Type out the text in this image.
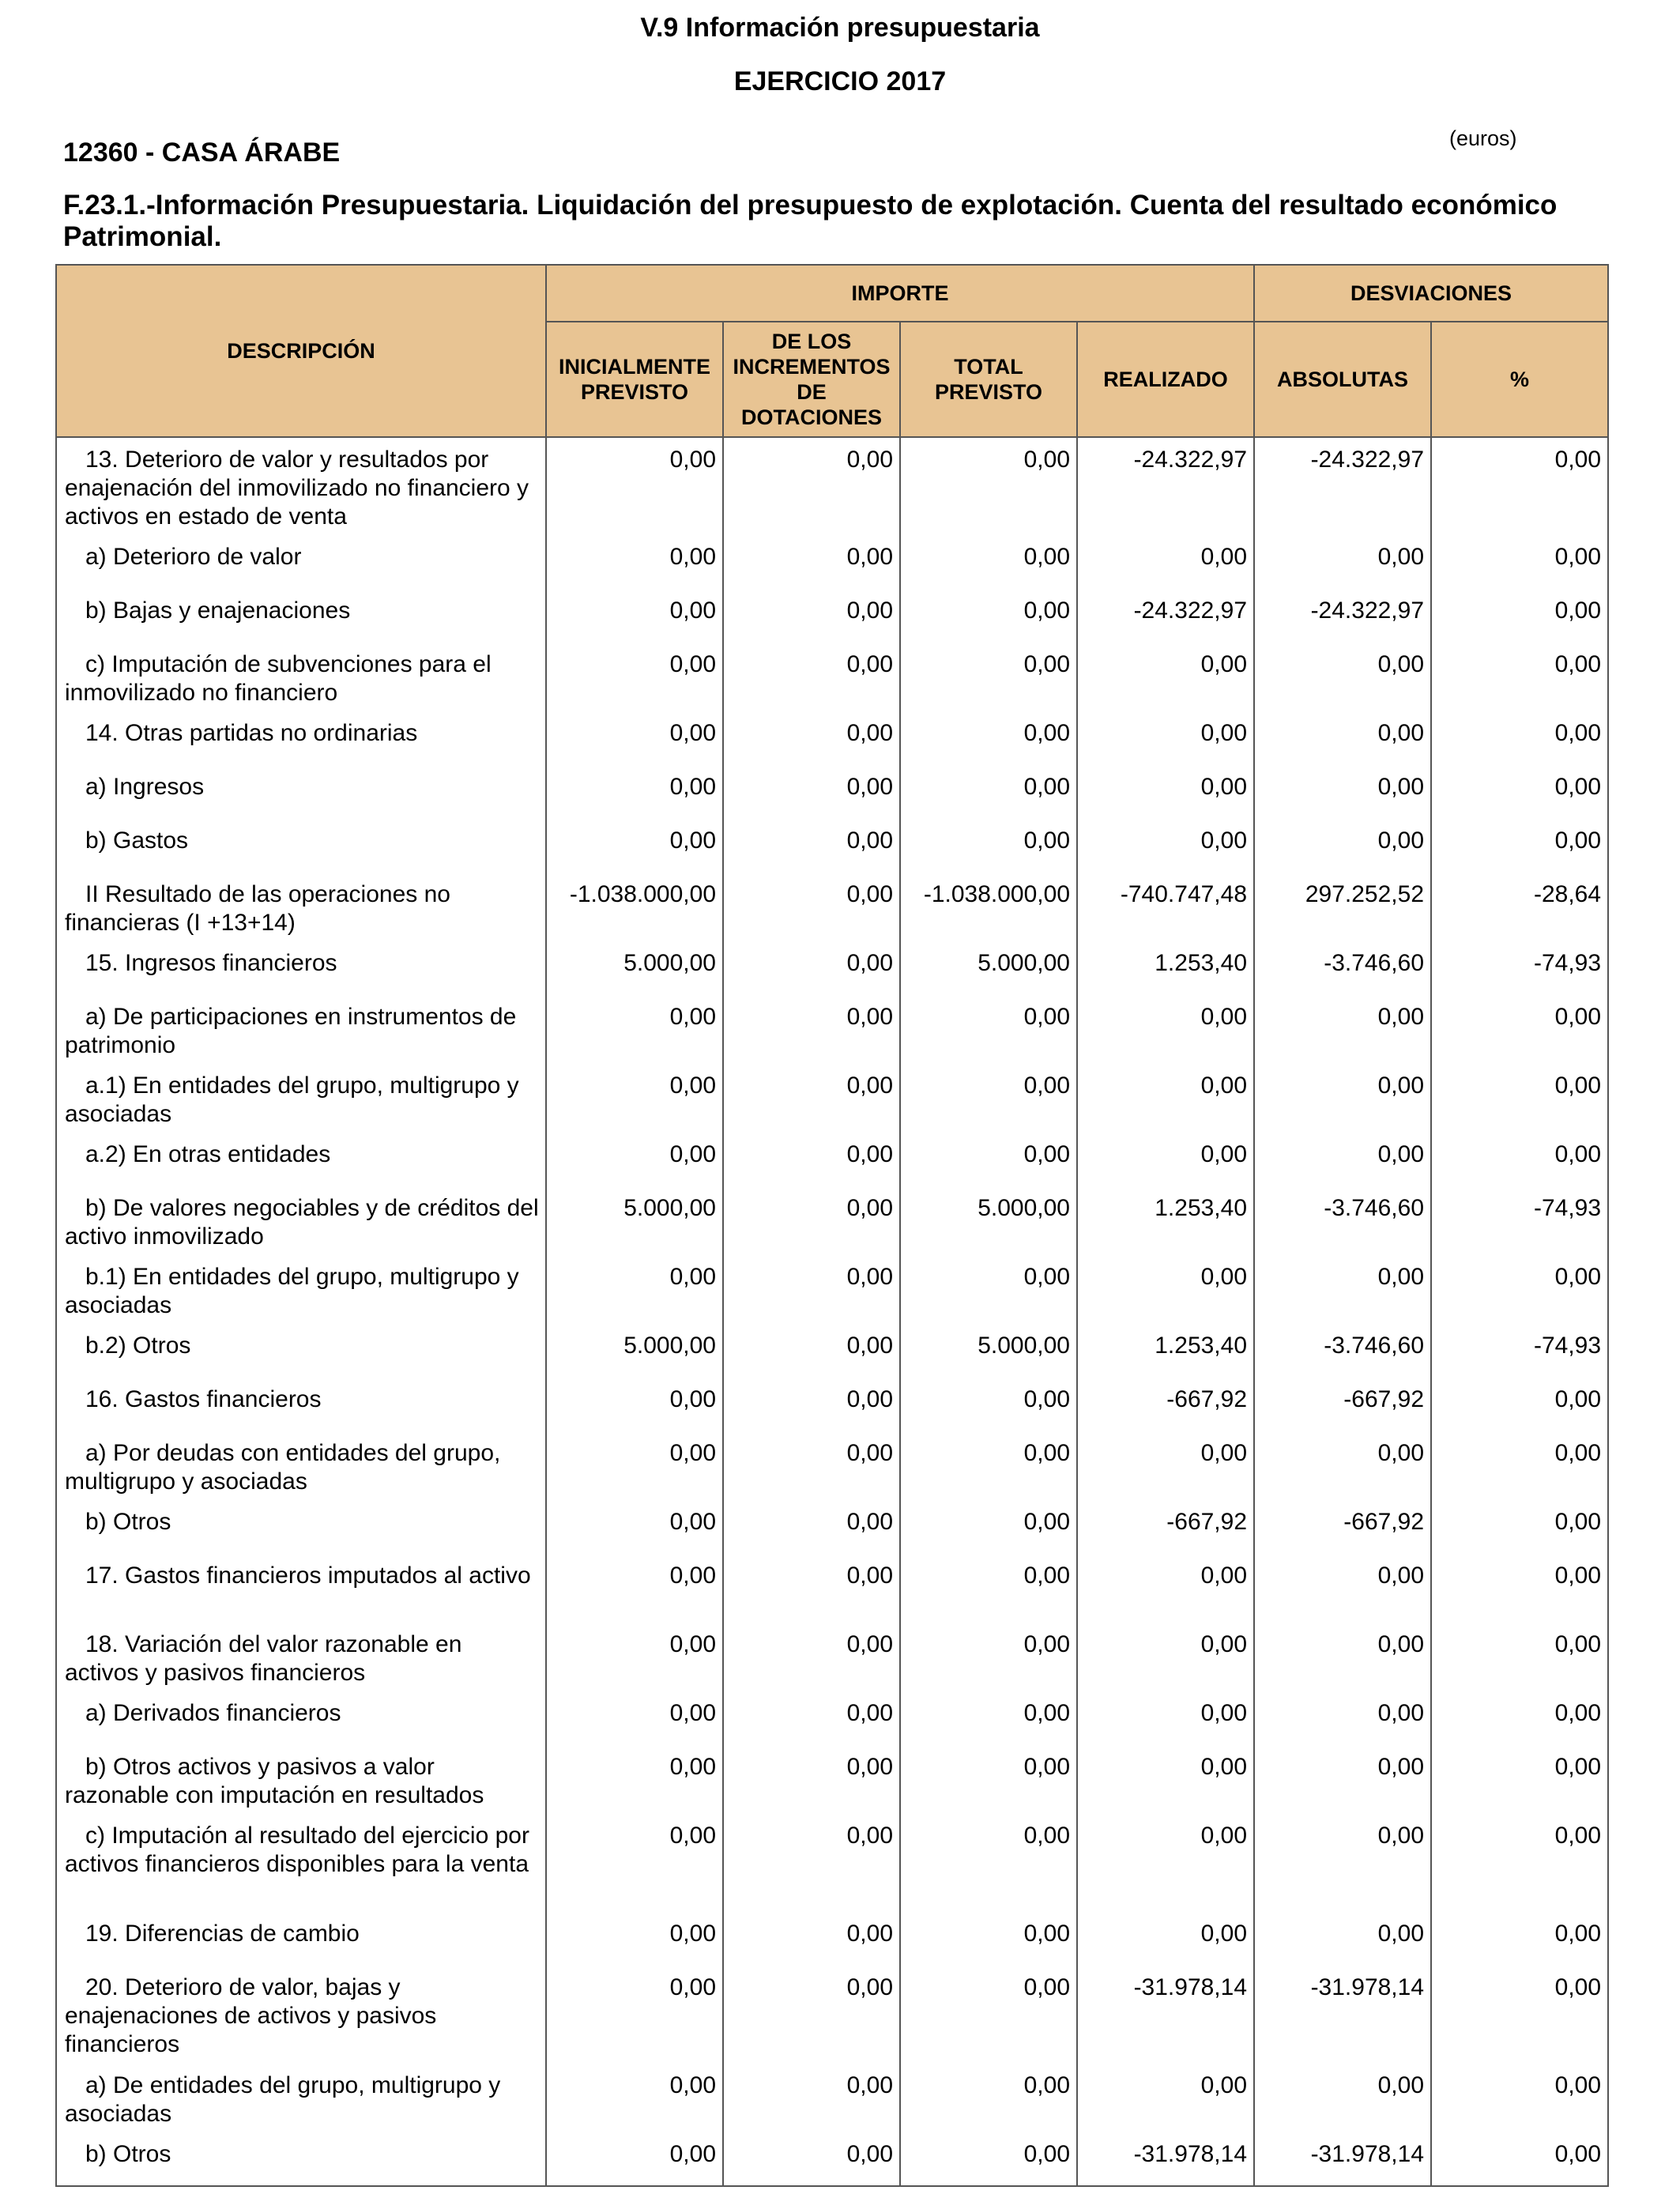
V.9 Información presupuestaria
EJERCICIO 2017
12360 - CASA ÁRABE	(euros)
F.23.1.-Información Presupuestaria. Liquidación del presupuesto de explotación. Cuenta del resultado económico Patrimonial.
DESCRIPCIÓN	IMPORTE				DESVIACIONES	
	INICIALMENTE PREVISTO	DE LOS INCREMENTOS DE DOTACIONES	TOTAL PREVISTO	REALIZADO	ABSOLUTAS	%
13. Deterioro de valor y resultados por enajenación del inmovilizado no financiero y activos en estado de venta	0,00	0,00	0,00	-24.322,97	-24.322,97	0,00
a) Deterioro de valor	0,00	0,00	0,00	0,00	0,00	0,00
b) Bajas y enajenaciones	0,00	0,00	0,00	-24.322,97	-24.322,97	0,00
c) Imputación de subvenciones para el inmovilizado no financiero	0,00	0,00	0,00	0,00	0,00	0,00
14. Otras partidas no ordinarias	0,00	0,00	0,00	0,00	0,00	0,00
a) Ingresos	0,00	0,00	0,00	0,00	0,00	0,00
b) Gastos	0,00	0,00	0,00	0,00	0,00	0,00
II Resultado de las operaciones no financieras (I +13+14)	-1.038.000,00	0,00	-1.038.000,00	-740.747,48	297.252,52	-28,64
15. Ingresos financieros	5.000,00	0,00	5.000,00	1.253,40	-3.746,60	-74,93
a) De participaciones en instrumentos de patrimonio	0,00	0,00	0,00	0,00	0,00	0,00
a.1) En entidades del grupo, multigrupo y asociadas	0,00	0,00	0,00	0,00	0,00	0,00
a.2) En otras entidades	0,00	0,00	0,00	0,00	0,00	0,00
b) De valores negociables y de créditos del activo inmovilizado	5.000,00	0,00	5.000,00	1.253,40	-3.746,60	-74,93
b.1) En entidades del grupo, multigrupo y asociadas	0,00	0,00	0,00	0,00	0,00	0,00
b.2) Otros	5.000,00	0,00	5.000,00	1.253,40	-3.746,60	-74,93
16. Gastos financieros	0,00	0,00	0,00	-667,92	-667,92	0,00
a) Por deudas con entidades del grupo, multigrupo y asociadas	0,00	0,00	0,00	0,00	0,00	0,00
b) Otros	0,00	0,00	0,00	-667,92	-667,92	0,00
17. Gastos financieros imputados al activo	0,00	0,00	0,00	0,00	0,00	0,00
18. Variación del valor razonable en activos y pasivos financieros	0,00	0,00	0,00	0,00	0,00	0,00
a) Derivados financieros	0,00	0,00	0,00	0,00	0,00	0,00
b) Otros activos y pasivos a valor razonable con imputación en resultados	0,00	0,00	0,00	0,00	0,00	0,00
c) Imputación al resultado del ejercicio por activos financieros disponibles para la venta	0,00	0,00	0,00	0,00	0,00	0,00
19. Diferencias de cambio	0,00	0,00	0,00	0,00	0,00	0,00
20. Deterioro de valor, bajas y enajenaciones de activos y pasivos financieros	0,00	0,00	0,00	-31.978,14	-31.978,14	0,00
a) De entidades del grupo, multigrupo y asociadas	0,00	0,00	0,00	0,00	0,00	0,00
b) Otros	0,00	0,00	0,00	-31.978,14	-31.978,14	0,00
